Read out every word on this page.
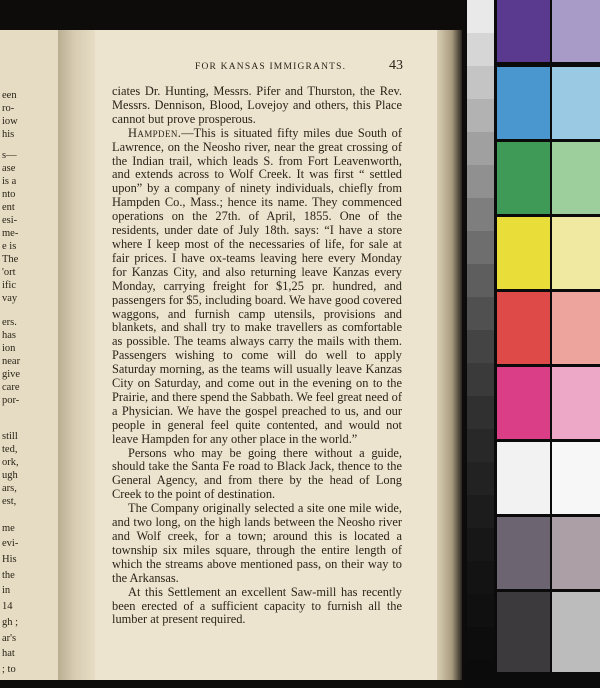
een
ro-
iow
his
s—
ase
is a
nto
ent
esi-
me-
e is
The
'ort
ific
vay
ers.
has
ion
near
give
care
por-
still
ted,
ork,
ugh
ars,
est,
me
evi-
His
the
in
14
gh ;
ar's
hat
; to
FOR KANSAS IMMIGRANTS.	43

ciates Dr. Hunting, Messrs. Pifer and Thurston, the Rev. Messrs. Dennison, Blood, Lovejoy and others, this Place cannot but prove prosperous.

Hampden.—This is situated fifty miles due South of Lawrence, on the Neosho river, near the great crossing of the Indian trail, which leads S. from Fort Leavenworth, and extends across to Wolf Creek. It was first “ settled upon” by a company of ninety individuals, chiefly from Hampden Co., Mass.; hence its name. They commenced operations on the 27th. of April, 1855. One of the residents, under date of July 18th. says: “I have a store where I keep most of the necessaries of life, for sale at fair prices. I have ox-teams leaving here every Monday for Kanzas City, and also returning leave Kanzas every Monday, carrying freight for $1,25 pr. hundred, and passengers for $5, including board. We have good covered waggons, and furnish camp utensils, provisions and blankets, and shall try to make travellers as comfortable as possible. The teams always carry the mails with them. Passengers wishing to come will do well to apply Saturday morning, as the teams will usually leave Kanzas City on Saturday, and come out in the evening on to the Prairie, and there spend the Sabbath. We feel great need of a Physician. We have the gospel preached to us, and our people in general feel quite contented, and would not leave Hampden for any other place in the world.”

Persons who may be going there without a guide, should take the Santa Fe road to Black Jack, thence to the General Agency, and from there by the head of Long Creek to the point of destination.

The Company originally selected a site one mile wide, and two long, on the high lands between the Neosho river and Wolf creek, for a town; around this is located a township six miles square, through the entire length of which the streams above mentioned pass, on their way to the Arkansas.

At this Settlement an excellent Saw-mill has recently been erected of a sufficient capacity to furnish all the lumber at present required.
